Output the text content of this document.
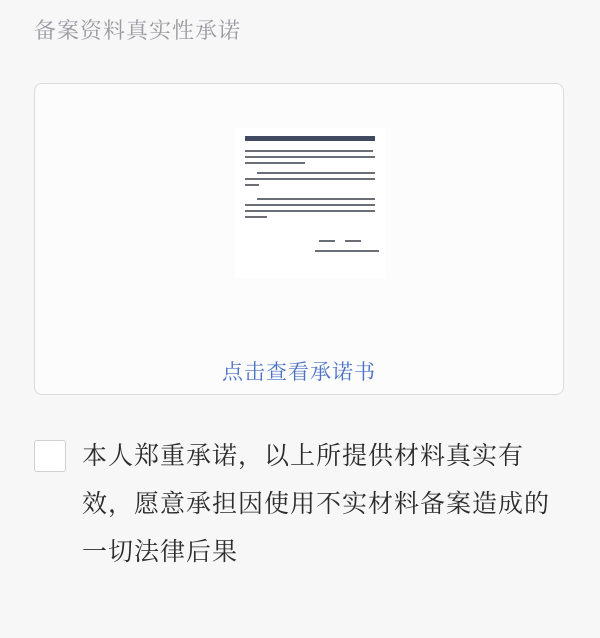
备案资料真实性承诺
点击查看承诺书

本人郑重承诺，以上所提供材料真实有效，愿意承担因使用不实材料备案造成的一切法律后果
